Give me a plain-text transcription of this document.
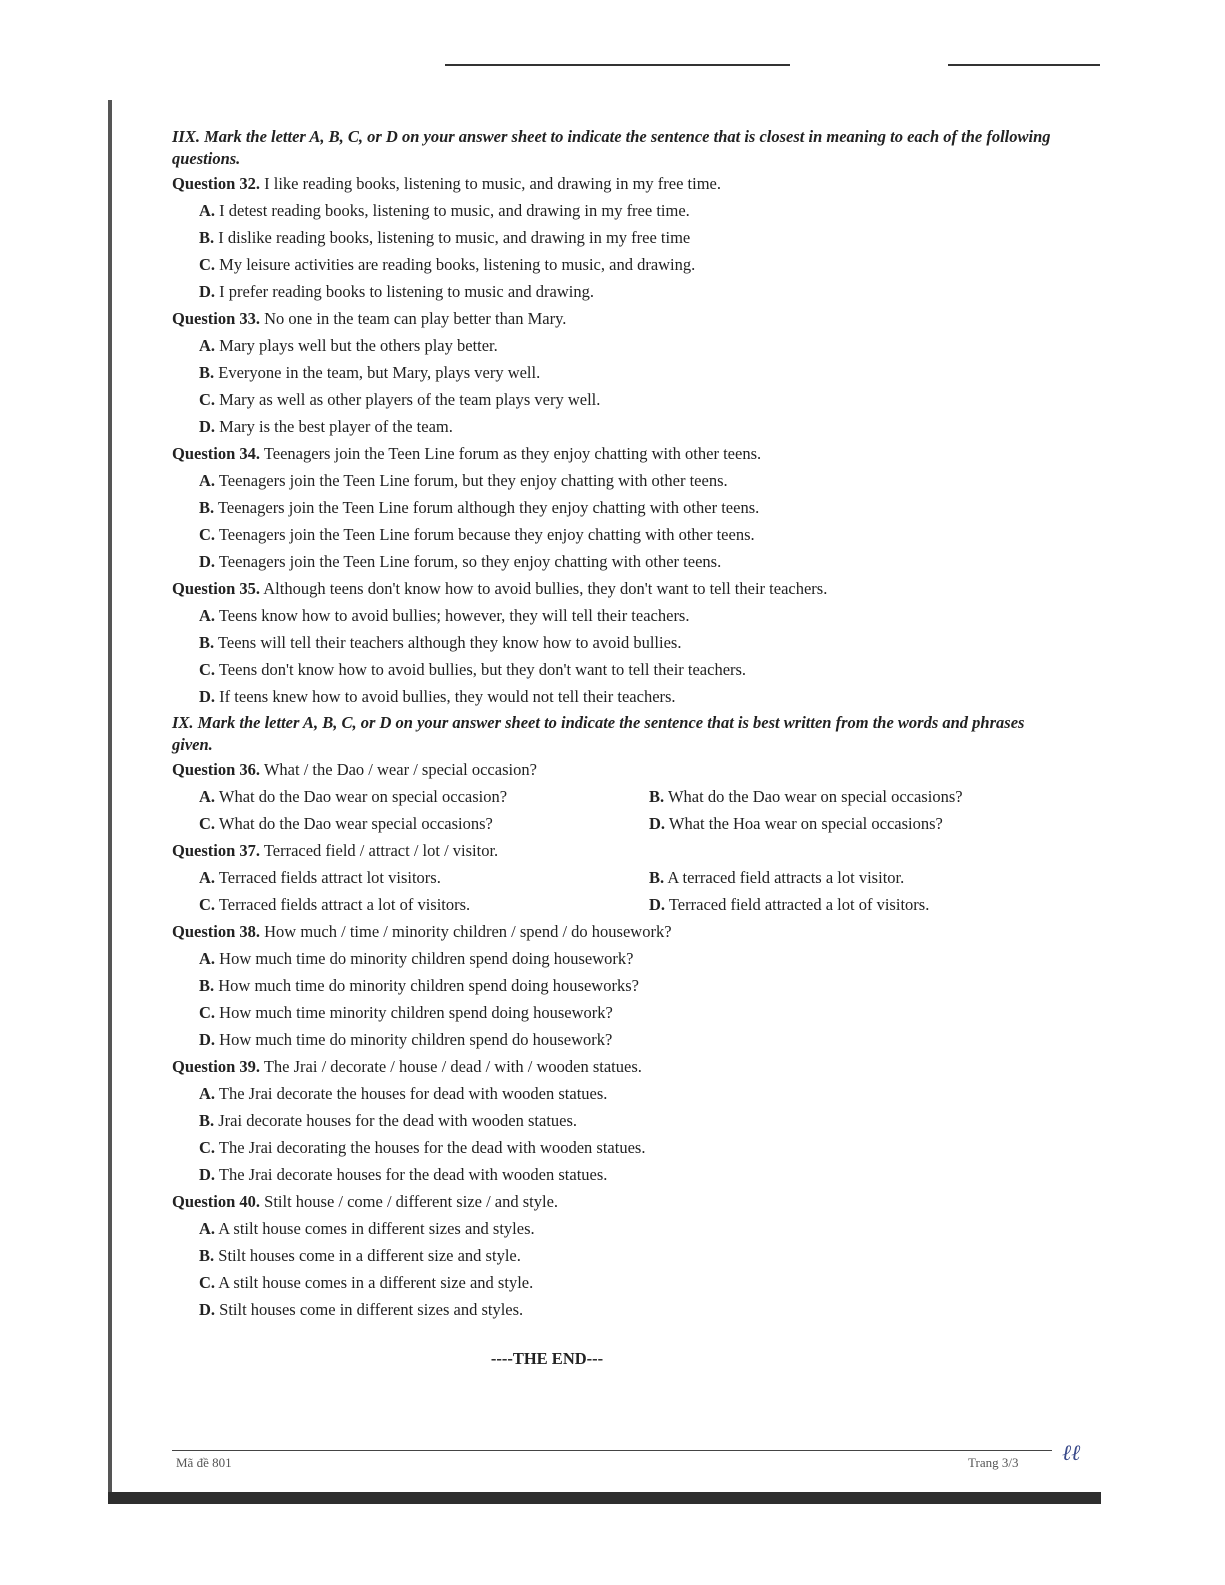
IIX. Mark the letter A, B, C, or D on your answer sheet to indicate the sentence that is closest in meaning to each of the following questions.

Question 32. I like reading books, listening to music, and drawing in my free time.
A. I detest reading books, listening to music, and drawing in my free time.
B. I dislike reading books, listening to music, and drawing in my free time
C. My leisure activities are reading books, listening to music, and drawing.
D. I prefer reading books to listening to music and drawing.
Question 33. No one in the team can play better than Mary.
A. Mary plays well but the others play better.
B. Everyone in the team, but Mary, plays very well.
C. Mary as well as other players of the team plays very well.
D. Mary is the best player of the team.
Question 34. Teenagers join the Teen Line forum as they enjoy chatting with other teens.
A. Teenagers join the Teen Line forum, but they enjoy chatting with other teens.
B. Teenagers join the Teen Line forum although they enjoy chatting with other teens.
C. Teenagers join the Teen Line forum because they enjoy chatting with other teens.
D. Teenagers join the Teen Line forum, so they enjoy chatting with other teens.
Question 35. Although teens don't know how to avoid bullies, they don't want to tell their teachers.
A. Teens know how to avoid bullies; however, they will tell their teachers.
B. Teens will tell their teachers although they know how to avoid bullies.
C. Teens don't know how to avoid bullies, but they don't want to tell their teachers.
D. If teens knew how to avoid bullies, they would not tell their teachers.

IX. Mark the letter A, B, C, or D on your answer sheet to indicate the sentence that is best written from the words and phrases given.

Question 36. What / the Dao / wear / special occasion?
A. What do the Dao wear on special occasion?	B. What do the Dao wear on special occasions?
C. What do the Dao wear special occasions?	D. What the Hoa wear on special occasions?
Question 37. Terraced field / attract / lot / visitor.
A. Terraced fields attract lot visitors.	B. A terraced field attracts a lot visitor.
C. Terraced fields attract a lot of visitors.	D. Terraced field attracted a lot of visitors.
Question 38. How much / time / minority children / spend / do housework?
A. How much time do minority children spend doing housework?
B. How much time do minority children spend doing houseworks?
C. How much time minority children spend doing housework?
D. How much time do minority children spend do housework?
Question 39. The Jrai / decorate / house / dead / with / wooden statues.
A. The Jrai decorate the houses for dead with wooden statues.
B. Jrai decorate houses for the dead with wooden statues.
C. The Jrai decorating the houses for the dead with wooden statues.
D. The Jrai decorate houses for the dead with wooden statues.
Question 40. Stilt house / come / different size / and style.
A. A stilt house comes in different sizes and styles.
B. Stilt houses come in a different size and style.
C. A stilt house comes in a different size and style.
D. Stilt houses come in different sizes and styles.
----THE END---
Mã đề 801	Trang 3/3 ℓℓ
